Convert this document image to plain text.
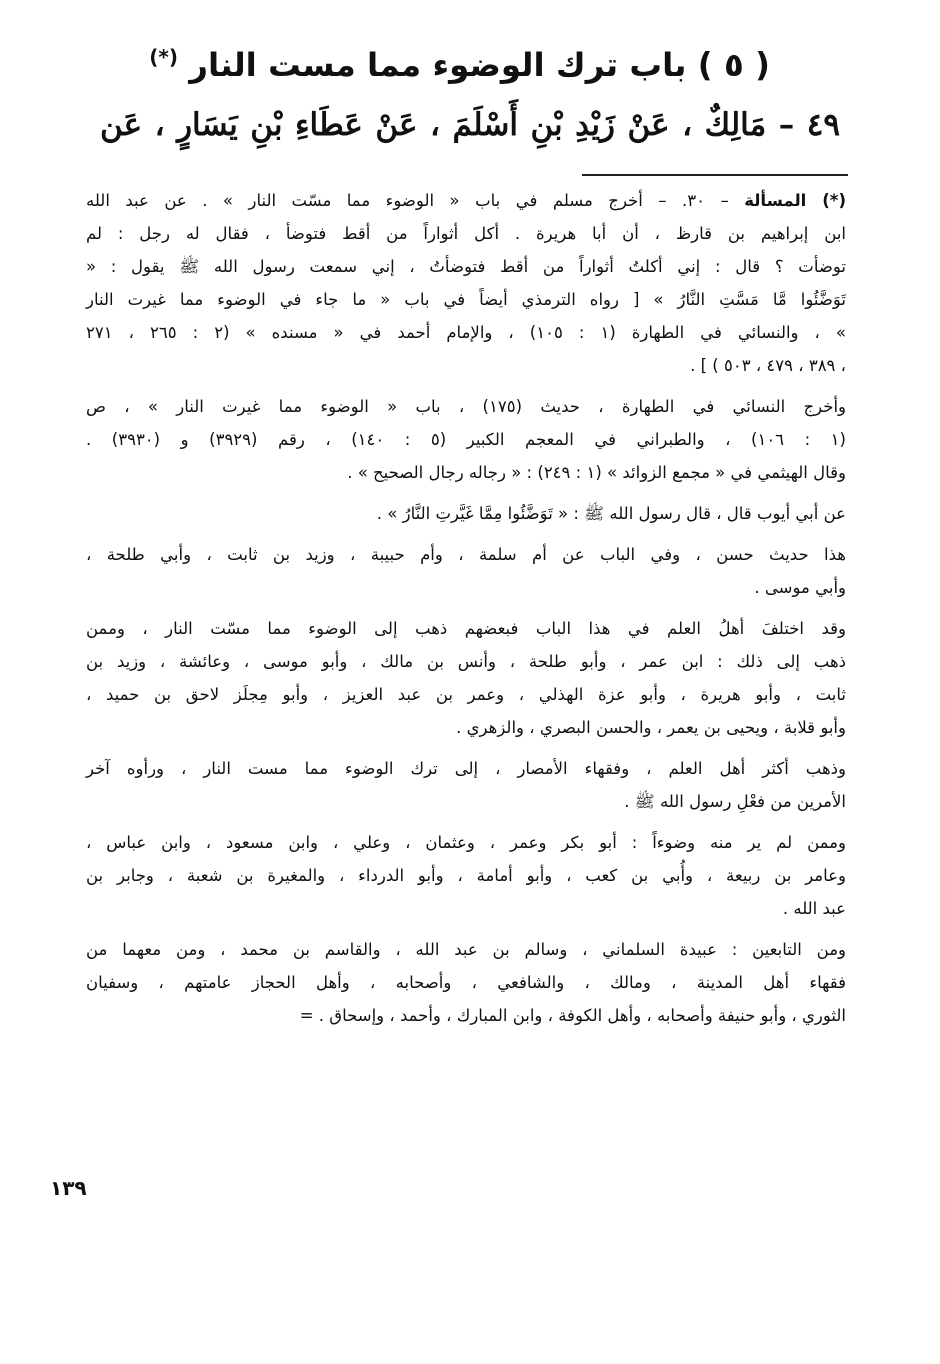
( ٥ ) باب ترك الوضوء مما مست النار (*)
٤٩ – مَالِكٌ ، عَنْ زَيْدِ بْنِ أَسْلَمَ ، عَنْ عَطَاءِ بْنِ يَسَارٍ ، عَن

(*) المسألة – ٣٠. – أخرج مسلم في باب « الوضوء مما مسّت النار » . عن عبد الله
ابن إبراهيم بن قارظ ، أن أبا هريرة . أكل أثواراً من أقط فتوضأ ، فقال له رجل : لم
توضأت ؟ قال : إني أكلتُ أثواراً من أقط فتوضأتُ ، إني سمعت رسول الله ﷺ يقول : «
تَوَضَّئُوا مَّا مَسَّتِ النَّارُ » [ رواه الترمذي أيضاً في باب « ما جاء في الوضوء مما غيرت النار
» ، والنسائي في الطهارة (١ : ١٠٥) ، والإمام أحمد في « مسنده » (٢ : ٢٦٥ ، ٢٧١
، ٣٨٩ ، ٤٧٩ ، ٥٠٣ ) ] .

وأخرج النسائي في الطهارة ، حديث (١٧٥) ، باب « الوضوء مما غيرت النار » ، ص
(١ : ١٠٦) ، والطبراني في المعجم الكبير (٥ : ١٤٠) ، رقم (٣٩٢٩) و (٣٩٣٠) .
وقال الهيثمي في « مجمع الزوائد » (١ : ٢٤٩) : « رجاله رجال الصحيح » .

عن أبي أيوب قال ، قال رسول الله ﷺ : « تَوَضَّئُوا مِمَّا غَيَّرتِ النَّارُ » .

هذا حديث حسن ، وفي الباب عن أم سلمة ، وأم حبيبة ، وزيد بن ثابت ، وأبي طلحة ،
وأبي موسى .

وقد اختلفَ أهلُ العلم في هذا الباب فبعضهم ذهب إلى الوضوء مما مسّت النار ، وممن
ذهب إلى ذلك : ابن عمر ، وأبو طلحة ، وأنس بن مالك ، وأبو موسى ، وعائشة ، وزيد بن
ثابت ، وأبو هريرة ، وأبو عزة الهذلي ، وعمر بن عبد العزيز ، وأبو مِجلَز لاحق بن حميد ،
وأبو قلابة ، ويحيى بن يعمر ، والحسن البصري ، والزهري .

وذهب أكثر أهل العلم ، وفقهاء الأمصار ، إلى ترك الوضوء مما مست النار ، ورأوه آخر
الأمرين من فعْلِ رسول الله ﷺ .

وممن لم ير منه وضوءاً : أبو بكر وعمر ، وعثمان ، وعلي ، وابن مسعود ، وابن عباس ،
وعامر بن ربيعة ، وأُبي بن كعب ، وأبو أمامة ، وأبو الدرداء ، والمغيرة بن شعبة ، وجابر بن
عبد الله .

ومن التابعين : عبيدة السلماني ، وسالم بن عبد الله ، والقاسم بن محمد ، ومن معهما من
فقهاء أهل المدينة ، ومالك ، والشافعي ، وأصحابه ، وأهل الحجاز عامتهم ، وسفيان
الثوري ، وأبو حنيفة وأصحابه ، وأهل الكوفة ، وابن المبارك ، وأحمد ، وإسحاق . =

١٣٩
